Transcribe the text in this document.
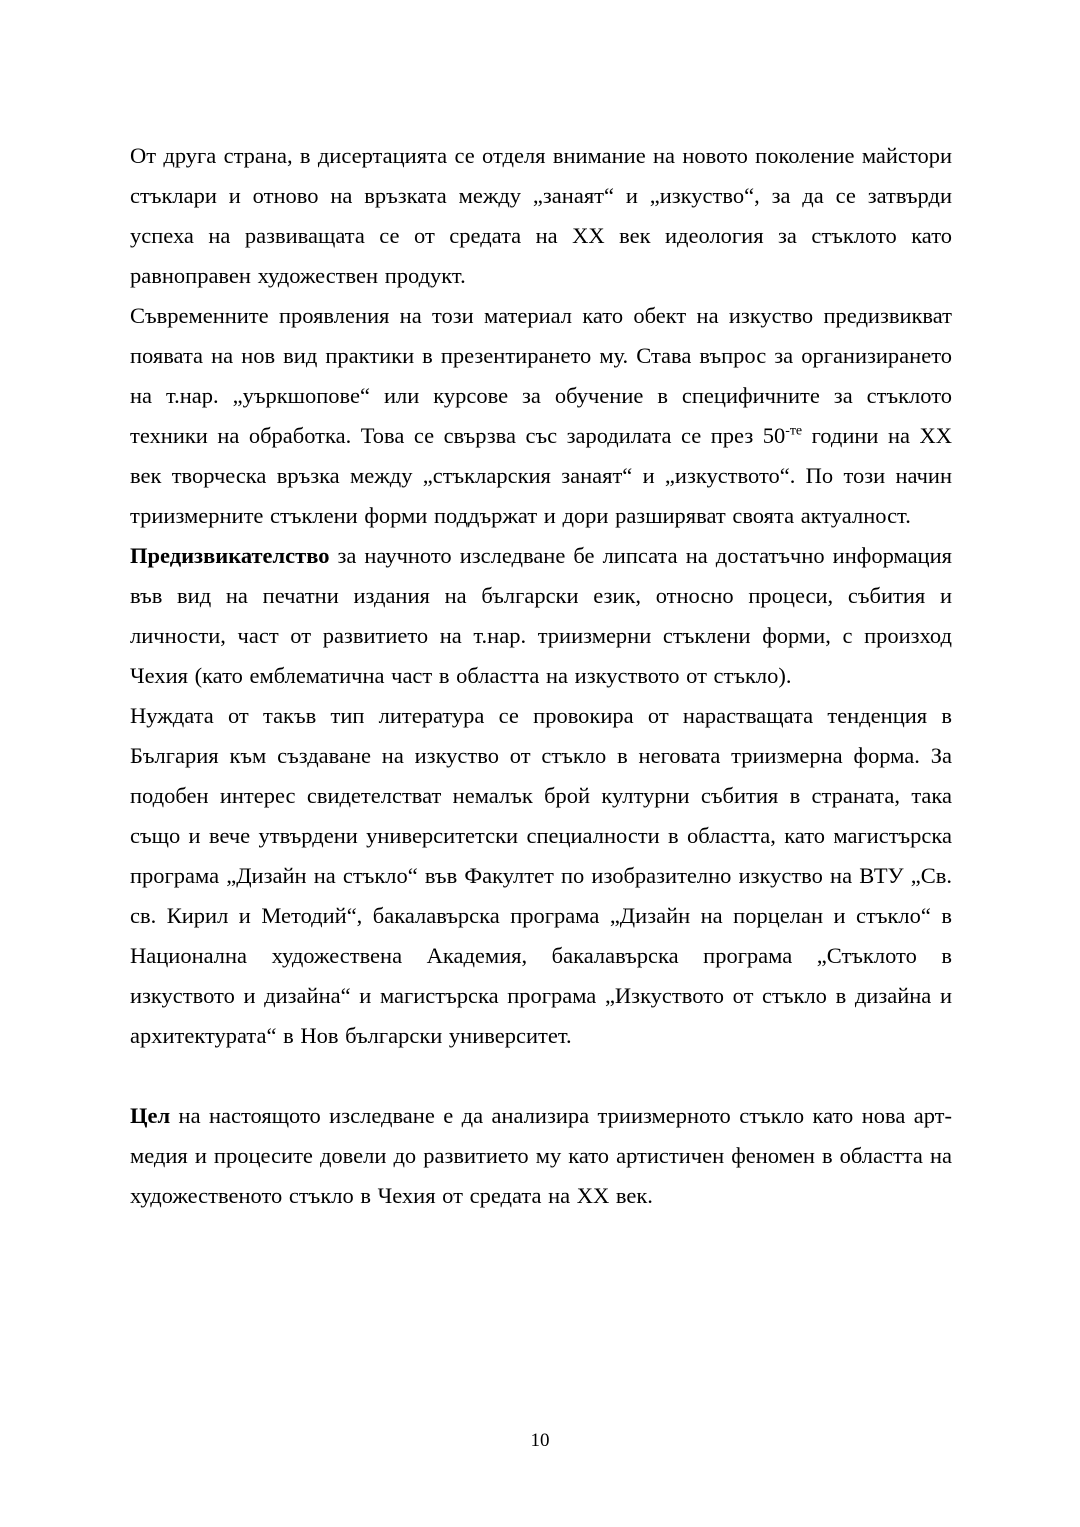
От друга страна, в дисертацията се отделя внимание на новото поколение майстори стъклари и отново на връзката между „занаят“ и „изкуство“, за да се затвърди успеха на развиващата се от средата на ХХ век идеология за стъклото като равноправен художествен продукт.

Съвременните проявления на този материал като обект на изкуство предизвикват появата на нов вид практики в презентирането му. Става въпрос за организирането на т.нар. „уъркшопове“ или курсове за обучение в специфичните за стъклото техники на обработка. Това се свързва със зародилата се през $50^{-те}$ години на ХХ век творческа връзка между „стъкларския занаят“ и „изкуството“. По този начин триизмерните стъклени форми поддържат и дори разширяват своята актуалност.

Предизвикателство за научното изследване бе липсата на достатъчно информация във вид на печатни издания на български език, относно процеси, събития и личности, част от развитието на т.нар. триизмерни стъклени форми, с произход Чехия (като емблематична част в областта на изкуството от стъкло).

Нуждата от такъв тип литература се провокира от нарастващата тенденция в България към създаване на изкуство от стъкло в неговата триизмерна форма. За подобен интерес свидетелстват немалък брой културни събития в страната, така също и вече утвърдени университетски специалности в областта, като магистърска програма „Дизайн на стъкло“ във Факултет по изобразително изкуство на ВТУ „Св. св. Кирил и Методий“, бакалавърска програма „Дизайн на порцелан и стъкло“ в Национална художествена Академия, бакалавърска програма „Стъклото в изкуството и дизайна“ и магистърска програма „Изкуството от стъкло в дизайна и архитектурата“ в Нов български университет.

Цел на настоящото изследване е да анализира триизмерното стъкло като нова арт-медия и процесите довели до развитието му като артистичен феномен в областта на художественото стъкло в Чехия от средата на ХХ век.

10
